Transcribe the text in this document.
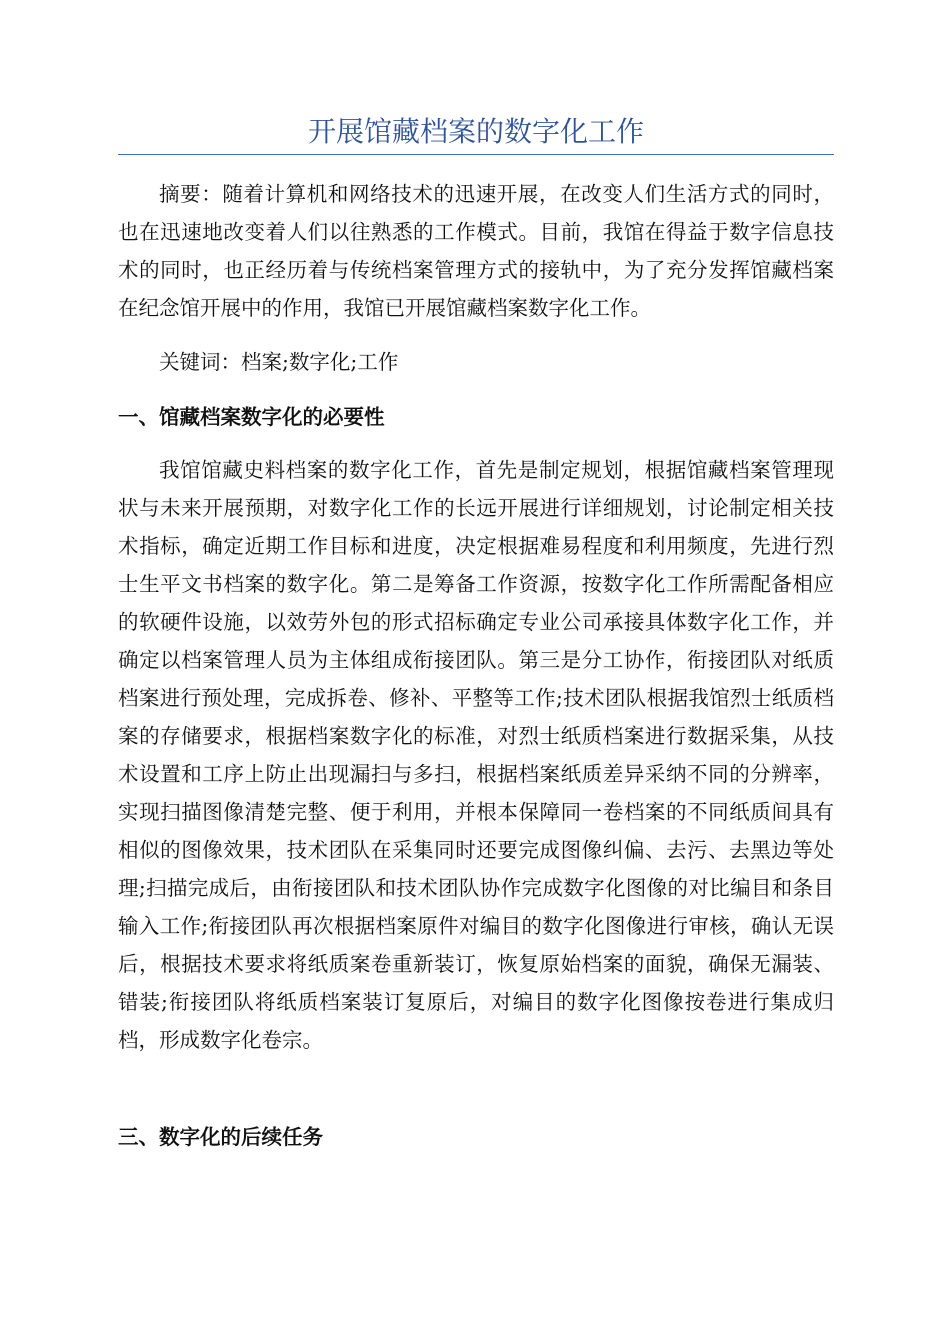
开展馆藏档案的数字化工作

摘要：随着计算机和网络技术的迅速开展，在改变人们生活方式的同时，也在迅速地改变着人们以往熟悉的工作模式。目前，我馆在得益于数字信息技术的同时，也正经历着与传统档案管理方式的接轨中，为了充分发挥馆藏档案在纪念馆开展中的作用，我馆已开展馆藏档案数字化工作。

关键词：档案;数字化;工作

一、馆藏档案数字化的必要性

我馆馆藏史料档案的数字化工作，首先是制定规划，根据馆藏档案管理现状与未来开展预期，对数字化工作的长远开展进行详细规划，讨论制定相关技术指标，确定近期工作目标和进度，决定根据难易程度和利用频度，先进行烈士生平文书档案的数字化。第二是筹备工作资源，按数字化工作所需配备相应的软硬件设施，以效劳外包的形式招标确定专业公司承接具体数字化工作，并确定以档案管理人员为主体组成衔接团队。第三是分工协作，衔接团队对纸质档案进行预处理，完成拆卷、修补、平整等工作;技术团队根据我馆烈士纸质档案的存储要求，根据档案数字化的标准，对烈士纸质档案进行数据采集，从技术设置和工序上防止出现漏扫与多扫，根据档案纸质差异采纳不同的分辨率，实现扫描图像清楚完整、便于利用，并根本保障同一卷档案的不同纸质间具有相似的图像效果，技术团队在采集同时还要完成图像纠偏、去污、去黑边等处理;扫描完成后，由衔接团队和技术团队协作完成数字化图像的对比编目和条目输入工作;衔接团队再次根据档案原件对编目的数字化图像进行审核，确认无误后，根据技术要求将纸质案卷重新装订，恢复原始档案的面貌，确保无漏装、错装;衔接团队将纸质档案装订复原后，对编目的数字化图像按卷进行集成归档，形成数字化卷宗。

三、数字化的后续任务
